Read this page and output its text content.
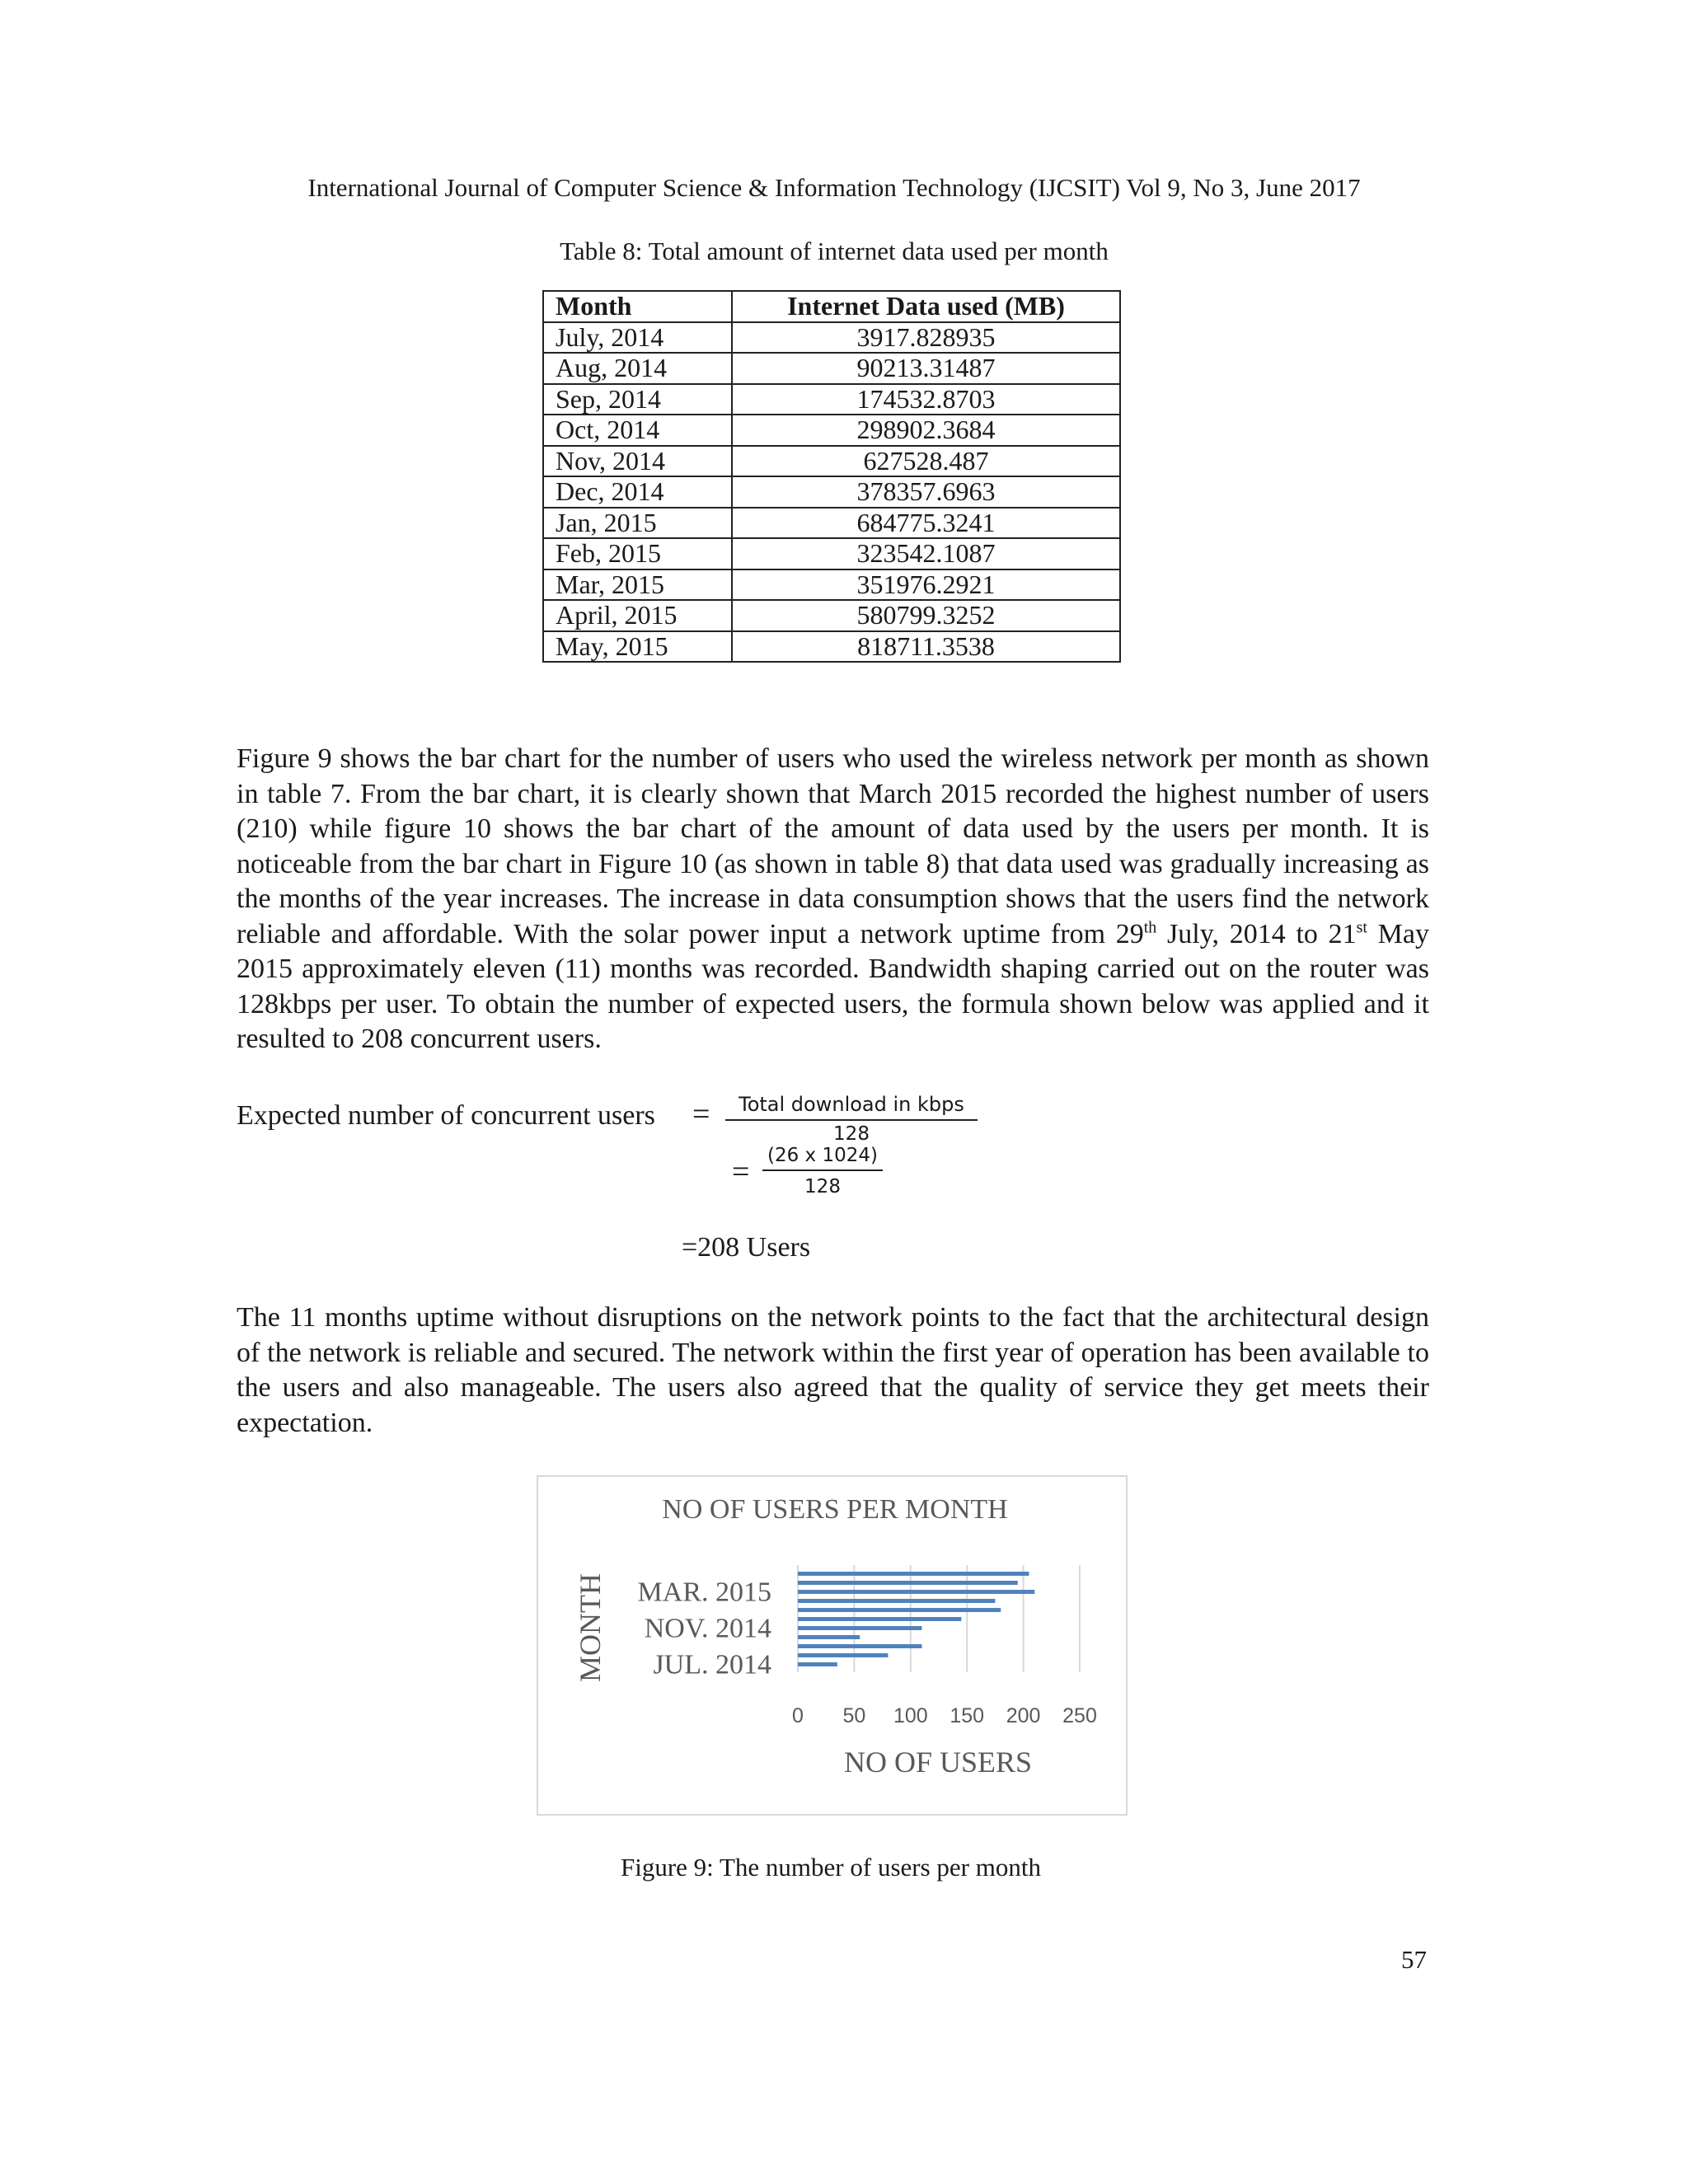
International Journal of Computer Science & Information Technology (IJCSIT) Vol 9, No 3, June 2017
Table 8: Total amount of internet data used per month
Month	Internet Data used (MB)
July, 2014	3917.828935
Aug, 2014	90213.31487
Sep, 2014	174532.8703
Oct, 2014	298902.3684
Nov, 2014	627528.487
Dec, 2014	378357.6963
Jan, 2015	684775.3241
Feb, 2015	323542.1087
Mar, 2015	351976.2921
April, 2015	580799.3252
May, 2015	818711.3538

Figure 9 shows the bar chart for the number of users who used the wireless network per month as shown in table 7. From the bar chart, it is clearly shown that March 2015 recorded the highest number of users (210) while figure 10 shows the bar chart of the amount of data used by the users per month. It is noticeable from the bar chart in Figure 10 (as shown in table 8) that data used was gradually increasing as the months of the year increases. The increase in data consumption shows that the users find the network reliable and affordable. With the solar power input a network uptime from 29th July, 2014 to 21st May 2015 approximately eleven (11) months was recorded. Bandwidth shaping carried out on the router was 128kbps per user. To obtain the number of expected users, the formula shown below was applied and it resulted to 208 concurrent users.

Expected number of concurrent users =	Total download in kbps
128
= $\frac{(26 x 1024)}{128}$
=208 Users

The 11 months uptime without disruptions on the network points to the fact that the architectural design of the network is reliable and secured. The network within the first year of operation has been available to the users and also manageable. The users also agreed that the quality of service they get meets their expectation.

NO OF USERS PER MONTH
JUL. 2014
NOV. 2014
MAR. 2015
0 50 100 150 200 250
MONTH
NO OF USERS
Figure 9: The number of users per month
57
